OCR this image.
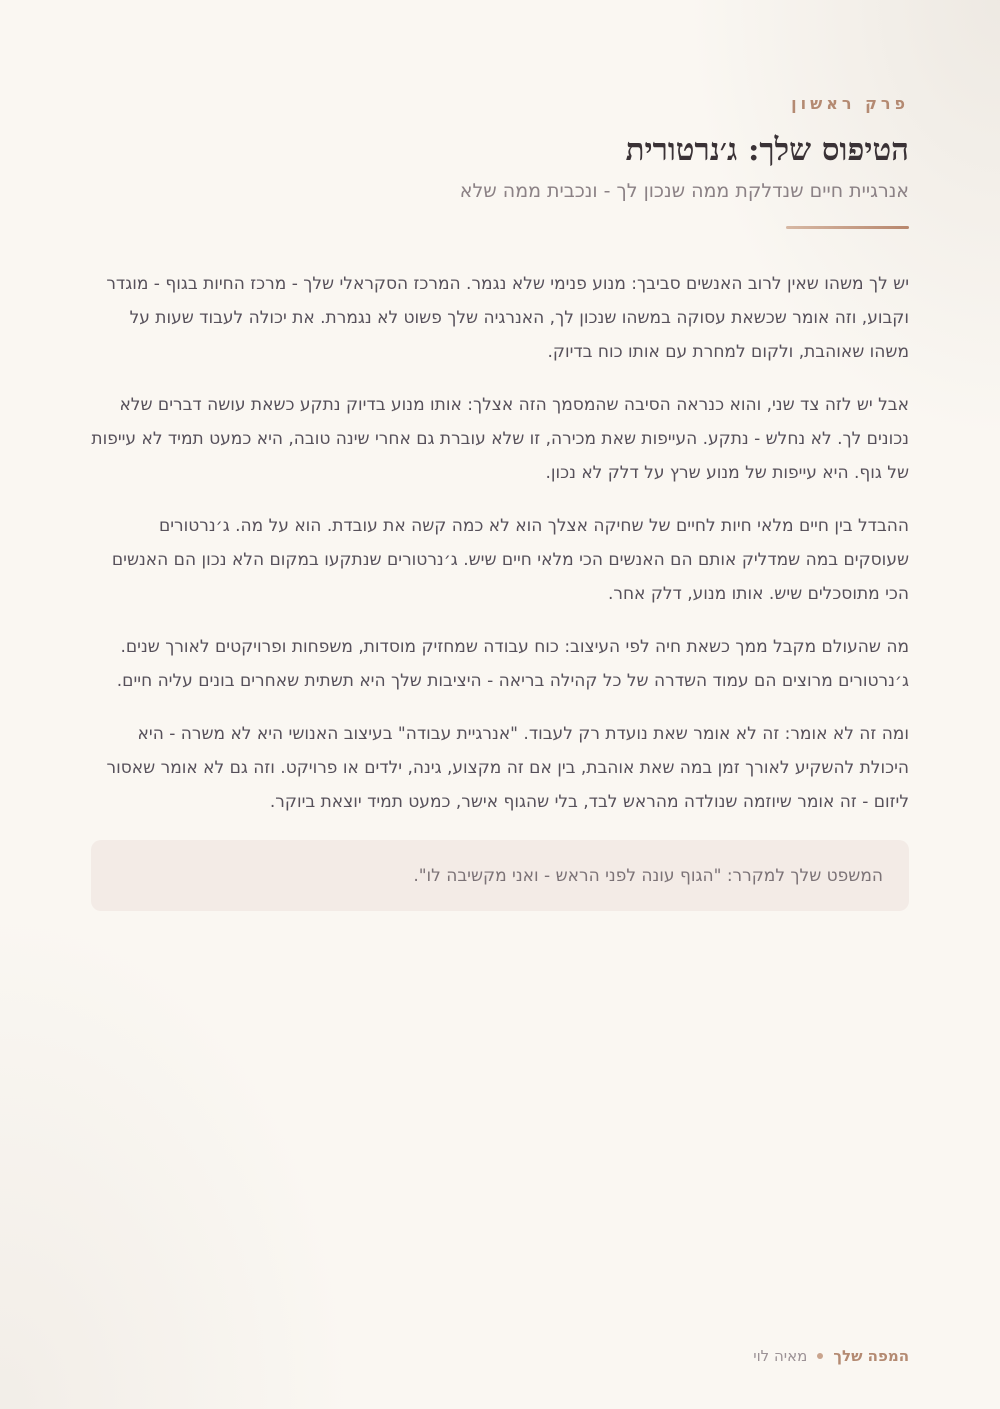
פרק ראשון
הטיפוס שלך: ג׳נרטורית
אנרגיית חיים שנדלקת ממה שנכון לך - ונכבית ממה שלא

יש לך משהו שאין לרוב האנשים סביבך: מנוע פנימי שלא נגמר. המרכז הסקראלי שלך - מרכז החיות בגוף - מוגדר וקבוע, וזה אומר שכשאת עסוקה במשהו שנכון לך, האנרגיה שלך פשוט לא נגמרת. את יכולה לעבוד שעות על משהו שאוהבת, ולקום למחרת עם אותו כוח בדיוק.

אבל יש לזה צד שני, והוא כנראה הסיבה שהמסמך הזה אצלך: אותו מנוע בדיוק נתקע כשאת עושה דברים שלא נכונים לך. לא נחלש - נתקע. העייפות שאת מכירה, זו שלא עוברת גם אחרי שינה טובה, היא כמעט תמיד לא עייפות של גוף. היא עייפות של מנוע שרץ על דלק לא נכון.

ההבדל בין חיים מלאי חיות לחיים של שחיקה אצלך הוא לא כמה קשה את עובדת. הוא על מה. ג׳נרטורים שעוסקים במה שמדליק אותם הם האנשים הכי מלאי חיים שיש. ג׳נרטורים שנתקעו במקום הלא נכון הם האנשים הכי מתוסכלים שיש. אותו מנוע, דלק אחר.

מה שהעולם מקבל ממך כשאת חיה לפי העיצוב: כוח עבודה שמחזיק מוסדות, משפחות ופרויקטים לאורך שנים. ג׳נרטורים מרוצים הם עמוד השדרה של כל קהילה בריאה - היציבות שלך היא תשתית שאחרים בונים עליה חיים.

ומה זה לא אומר: זה לא אומר שאת נועדת רק לעבוד. "אנרגיית עבודה" בעיצוב האנושי היא לא משרה - היא היכולת להשקיע לאורך זמן במה שאת אוהבת, בין אם זה מקצוע, גינה, ילדים או פרויקט. וזה גם לא אומר שאסור ליזום - זה אומר שיוזמה שנולדה מהראש לבד, בלי שהגוף אישר, כמעט תמיד יוצאת ביוקר.

המשפט שלך למקרר: "הגוף עונה לפני הראש - ואני מקשיבה לו".
המפה שלך
מאיה לוי
